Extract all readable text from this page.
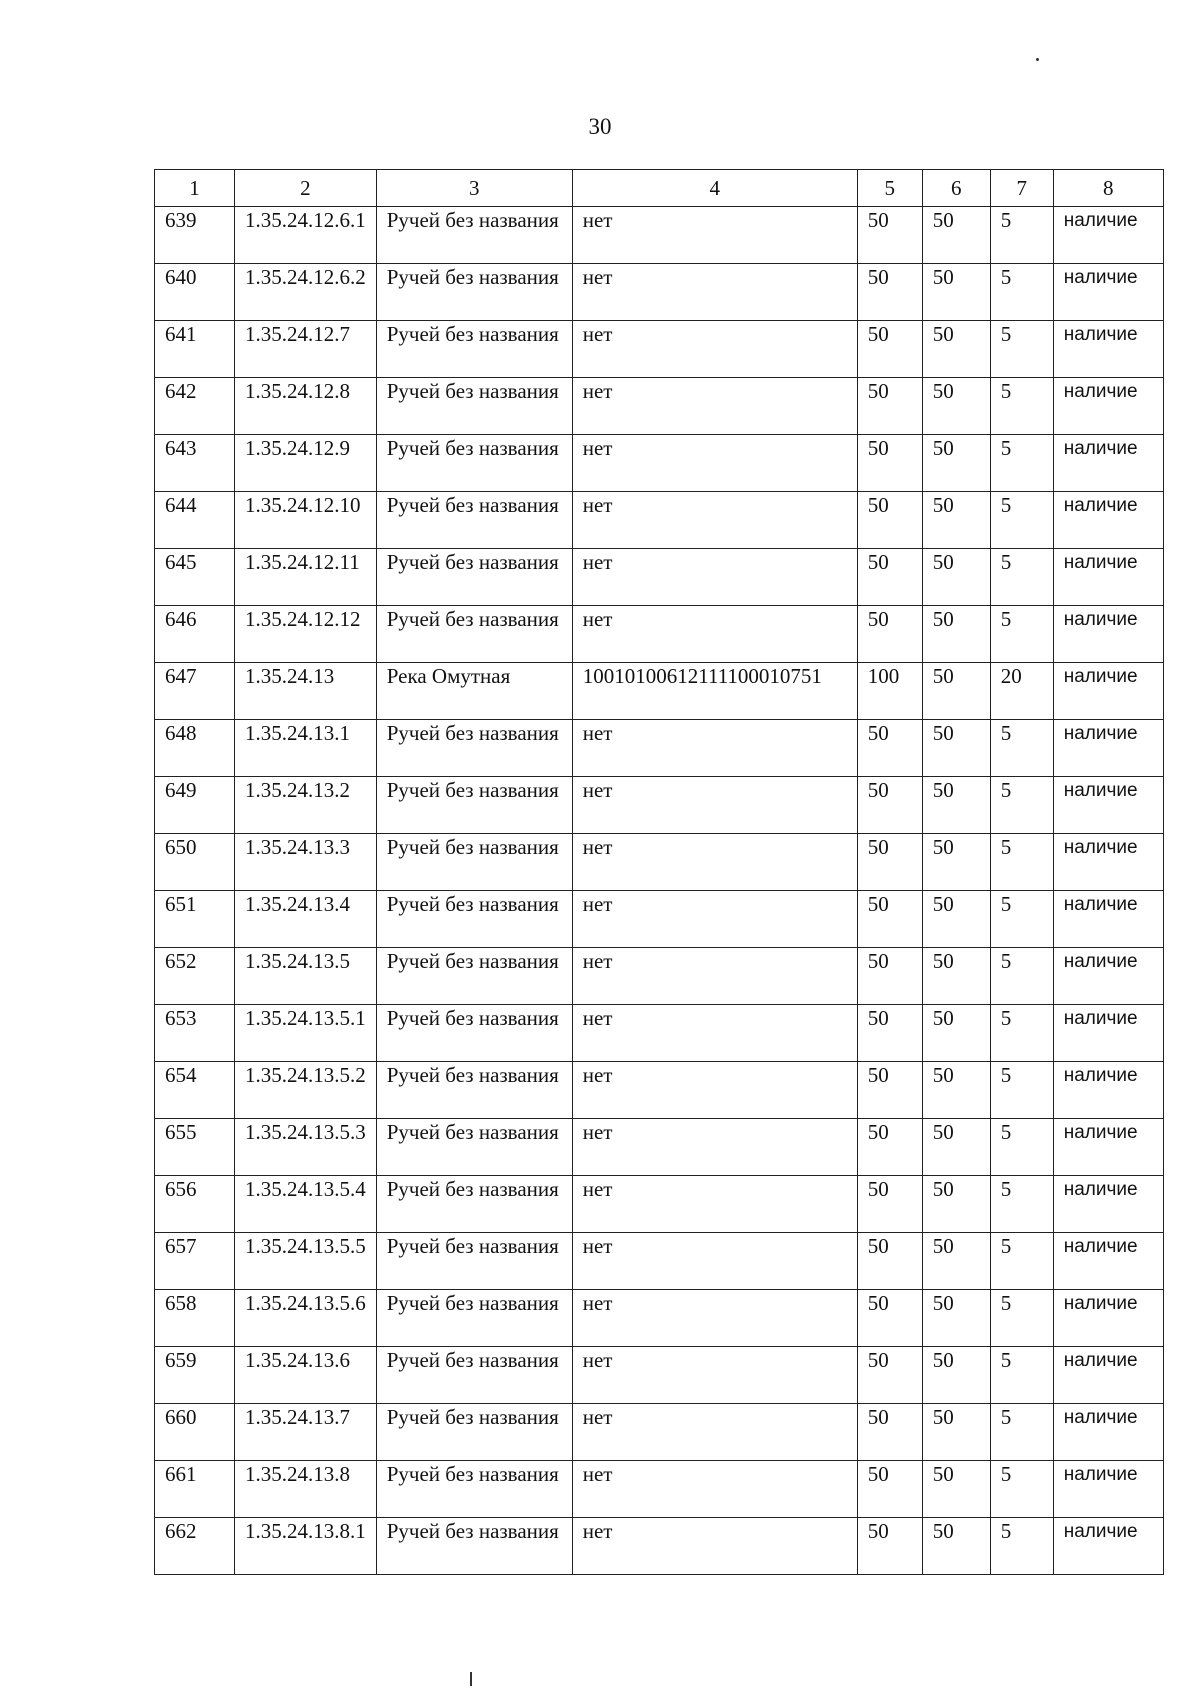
30
1	2	3	4	5	6	7	8
639	1.35.24.12.6.1	Ручей без названия	нет	50	50	5	наличие
640	1.35.24.12.6.2	Ручей без названия	нет	50	50	5	наличие
641	1.35.24.12.7	Ручей без названия	нет	50	50	5	наличие
642	1.35.24.12.8	Ручей без названия	нет	50	50	5	наличие
643	1.35.24.12.9	Ручей без названия	нет	50	50	5	наличие
644	1.35.24.12.10	Ручей без названия	нет	50	50	5	наличие
645	1.35.24.12.11	Ручей без названия	нет	50	50	5	наличие
646	1.35.24.12.12	Ручей без названия	нет	50	50	5	наличие
647	1.35.24.13	Река Омутная	10010100612111100010751	100	50	20	наличие
648	1.35.24.13.1	Ручей без названия	нет	50	50	5	наличие
649	1.35.24.13.2	Ручей без названия	нет	50	50	5	наличие
650	1.35.24.13.3	Ручей без названия	нет	50	50	5	наличие
651	1.35.24.13.4	Ручей без названия	нет	50	50	5	наличие
652	1.35.24.13.5	Ручей без названия	нет	50	50	5	наличие
653	1.35.24.13.5.1	Ручей без названия	нет	50	50	5	наличие
654	1.35.24.13.5.2	Ручей без названия	нет	50	50	5	наличие
655	1.35.24.13.5.3	Ручей без названия	нет	50	50	5	наличие
656	1.35.24.13.5.4	Ручей без названия	нет	50	50	5	наличие
657	1.35.24.13.5.5	Ручей без названия	нет	50	50	5	наличие
658	1.35.24.13.5.6	Ручей без названия	нет	50	50	5	наличие
659	1.35.24.13.6	Ручей без названия	нет	50	50	5	наличие
660	1.35.24.13.7	Ручей без названия	нет	50	50	5	наличие
661	1.35.24.13.8	Ручей без названия	нет	50	50	5	наличие
662	1.35.24.13.8.1	Ручей без названия	нет	50	50	5	наличие
